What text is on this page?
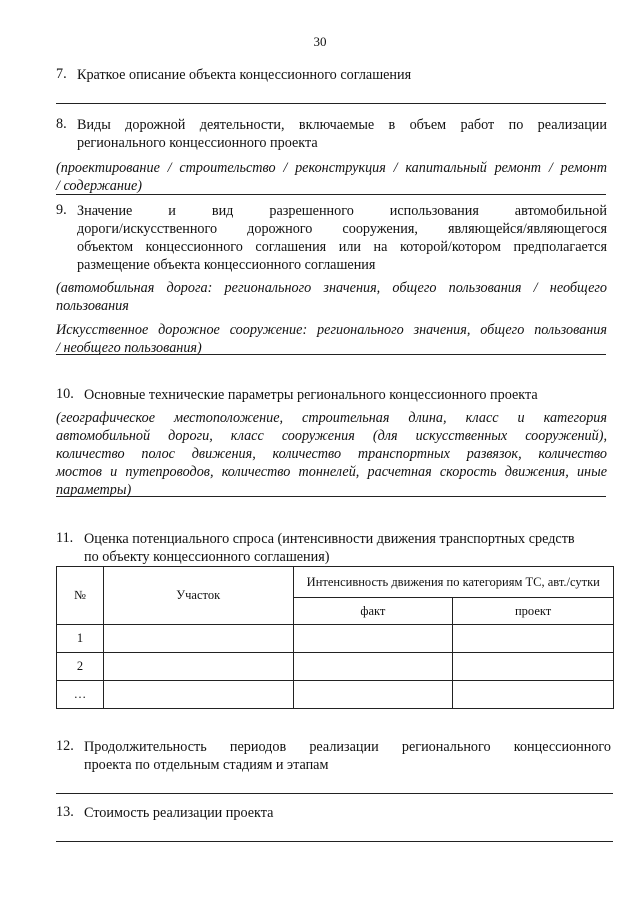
30
7. Краткое описание объекта концессионного соглашения
8. Виды дорожной деятельности, включаемые в объем работ по реализации
регионального концессионного проекта
(проектирование / строительство / реконструкция / капитальный ремонт / ремонт
/ содержание)
9. Значение и вид разрешенного использования автомобильной
дороги/искусственного дорожного сооружения, являющейся/являющегося
объектом концессионного соглашения или на которой/котором предполагается
размещение объекта концессионного соглашения
(автомобильная дорога: регионального значения, общего пользования / необщего
пользования
Искусственное дорожное сооружение: регионального значения, общего пользования
/ необщего пользования)
10. Основные технические параметры регионального концессионного проекта
(географическое местоположение, строительная длина, класс и категория
автомобильной дороги, класс сооружения (для искусственных сооружений),
количество полос движения, количество транспортных развязок, количество
мостов и путепроводов, количество тоннелей, расчетная скорость движения, иные
параметры)
11. Оценка потенциального спроса (интенсивности движения транспортных средств
по объекту концессионного соглашения)
№	Участок	Интенсивность движения по категориям ТС, авт./сутки	
		факт	проект
1			
2			
…			
12. Продолжительность периодов реализации регионального концессионного
проекта по отдельным стадиям и этапам
13. Стоимость реализации проекта
